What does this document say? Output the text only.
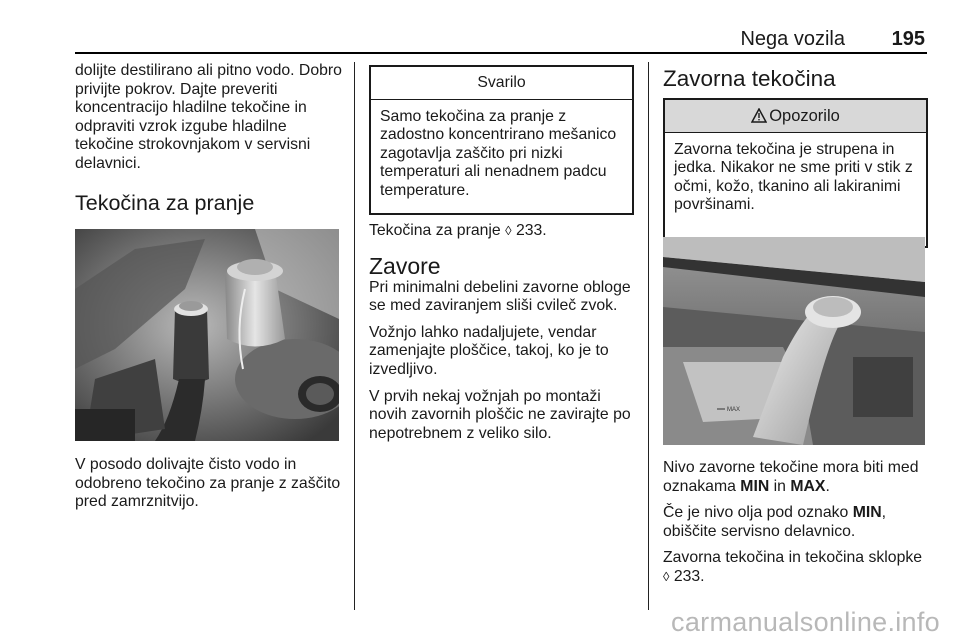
Nega vozila 195

dolijte destilirano ali pitno vodo. Dobro privijte pokrov. Dajte preveriti koncentracijo hladilne tekočine in odpraviti vzrok izgube hladilne tekočine strokovnjakom v servisni delavnici.

Tekočina za pranje

V posodo dolivajte čisto vodo in odobreno tekočino za pranje z zaščito pred zamrznitvijo.

Svarilo
Samo tekočina za pranje z zadostno koncentrirano mešanico zagotavlja zaščito pri nizki temperaturi ali nenadnem padcu temperature.

Tekočina za pranje ◊ 233.

Zavore

Pri minimalni debelini zavorne obloge se med zaviranjem sliši cvileč zvok.

Vožnjo lahko nadaljujete, vendar zamenjajte ploščice, takoj, ko je to izvedljivo.

V prvih nekaj vožnjah po montaži novih zavornih ploščic ne zavirajte po nepotrebnem z veliko silo.

Zavorna tekočina
Opozorilo
Zavorna tekočina je strupena in jedka. Nikakor ne sme priti v stik z očmi, kožo, tkanino ali lakiranimi površinami.
MAX

Nivo zavorne tekočine mora biti med oznakama MIN in MAX.

Če je nivo olja pod oznako MIN, obiščite servisno delavnico.

Zavorna tekočina in tekočina sklopke
◊ 233.

carmanualsonline.info
